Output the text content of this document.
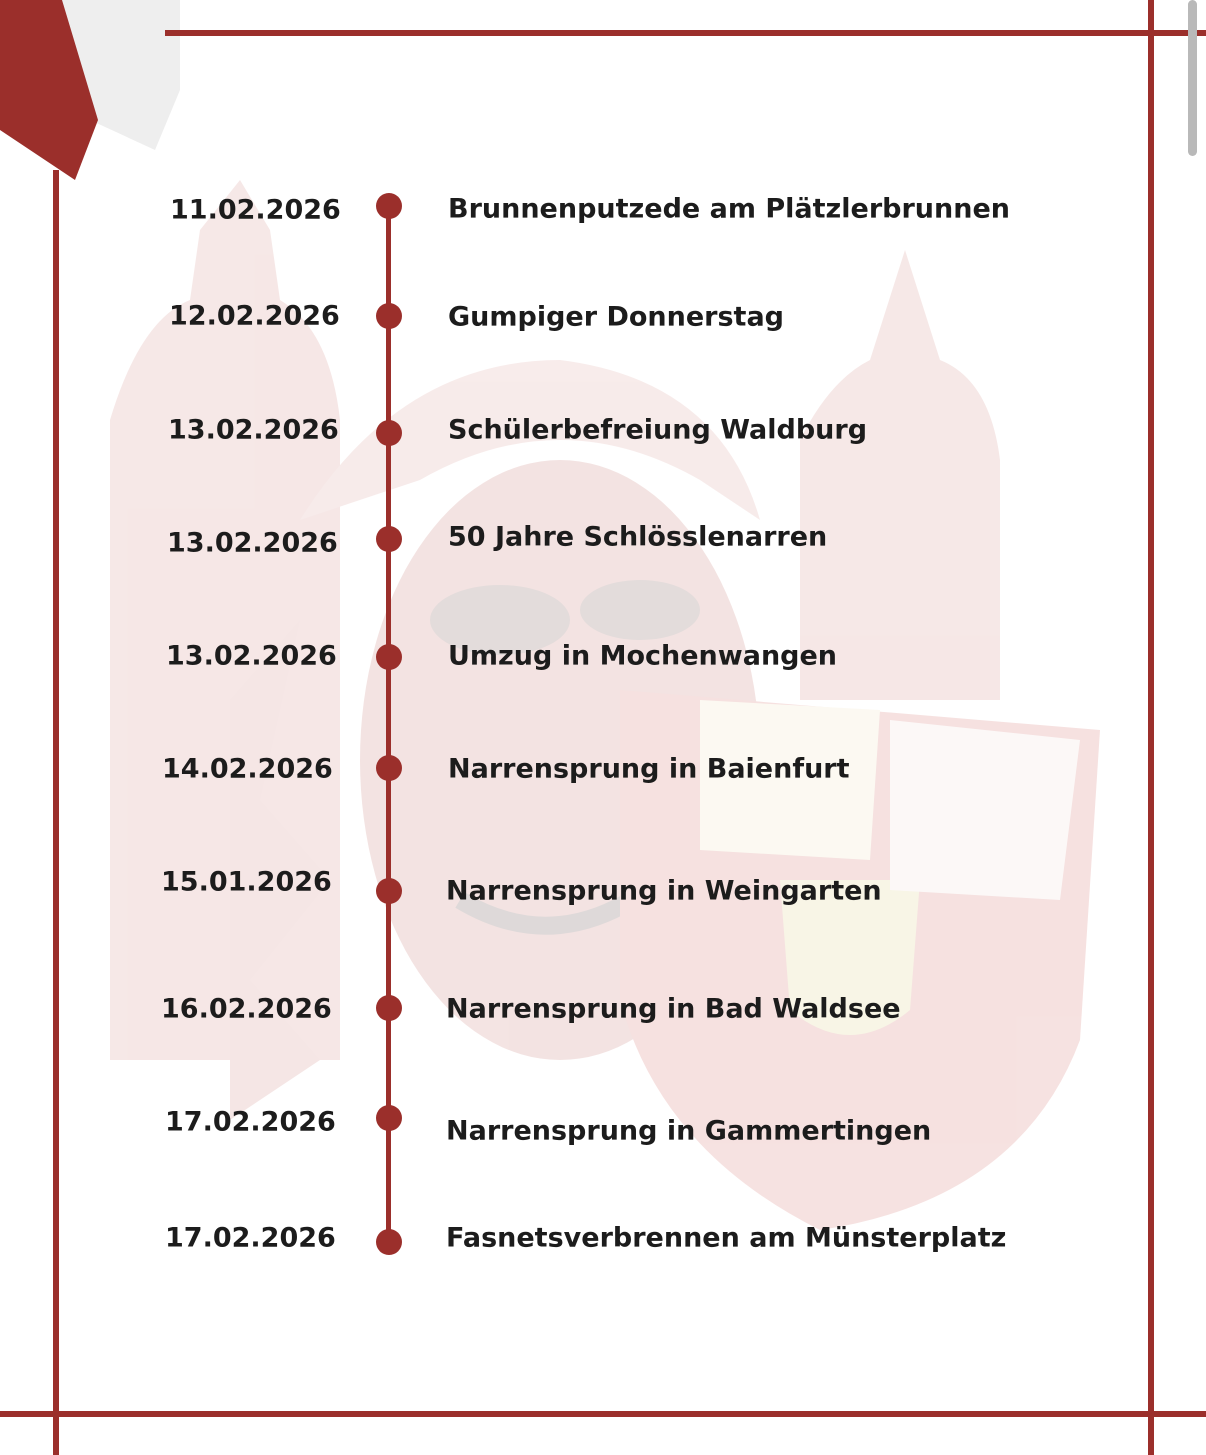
11.02.2026	Brunnenputzede am Plätzlerbrunnen
12.02.2026	Gumpiger Donnerstag
13.02.2026	Schülerbefreiung Waldburg
13.02.2026	50 Jahre Schlösslenarren
13.02.2026	Umzug in Mochenwangen
14.02.2026	Narrensprung in Baienfurt
15.01.2026	Narrensprung in Weingarten
16.02.2026	Narrensprung in Bad Waldsee
17.02.2026	Narrensprung in Gammertingen
17.02.2026	Fasnetsverbrennen am Münsterplatz
